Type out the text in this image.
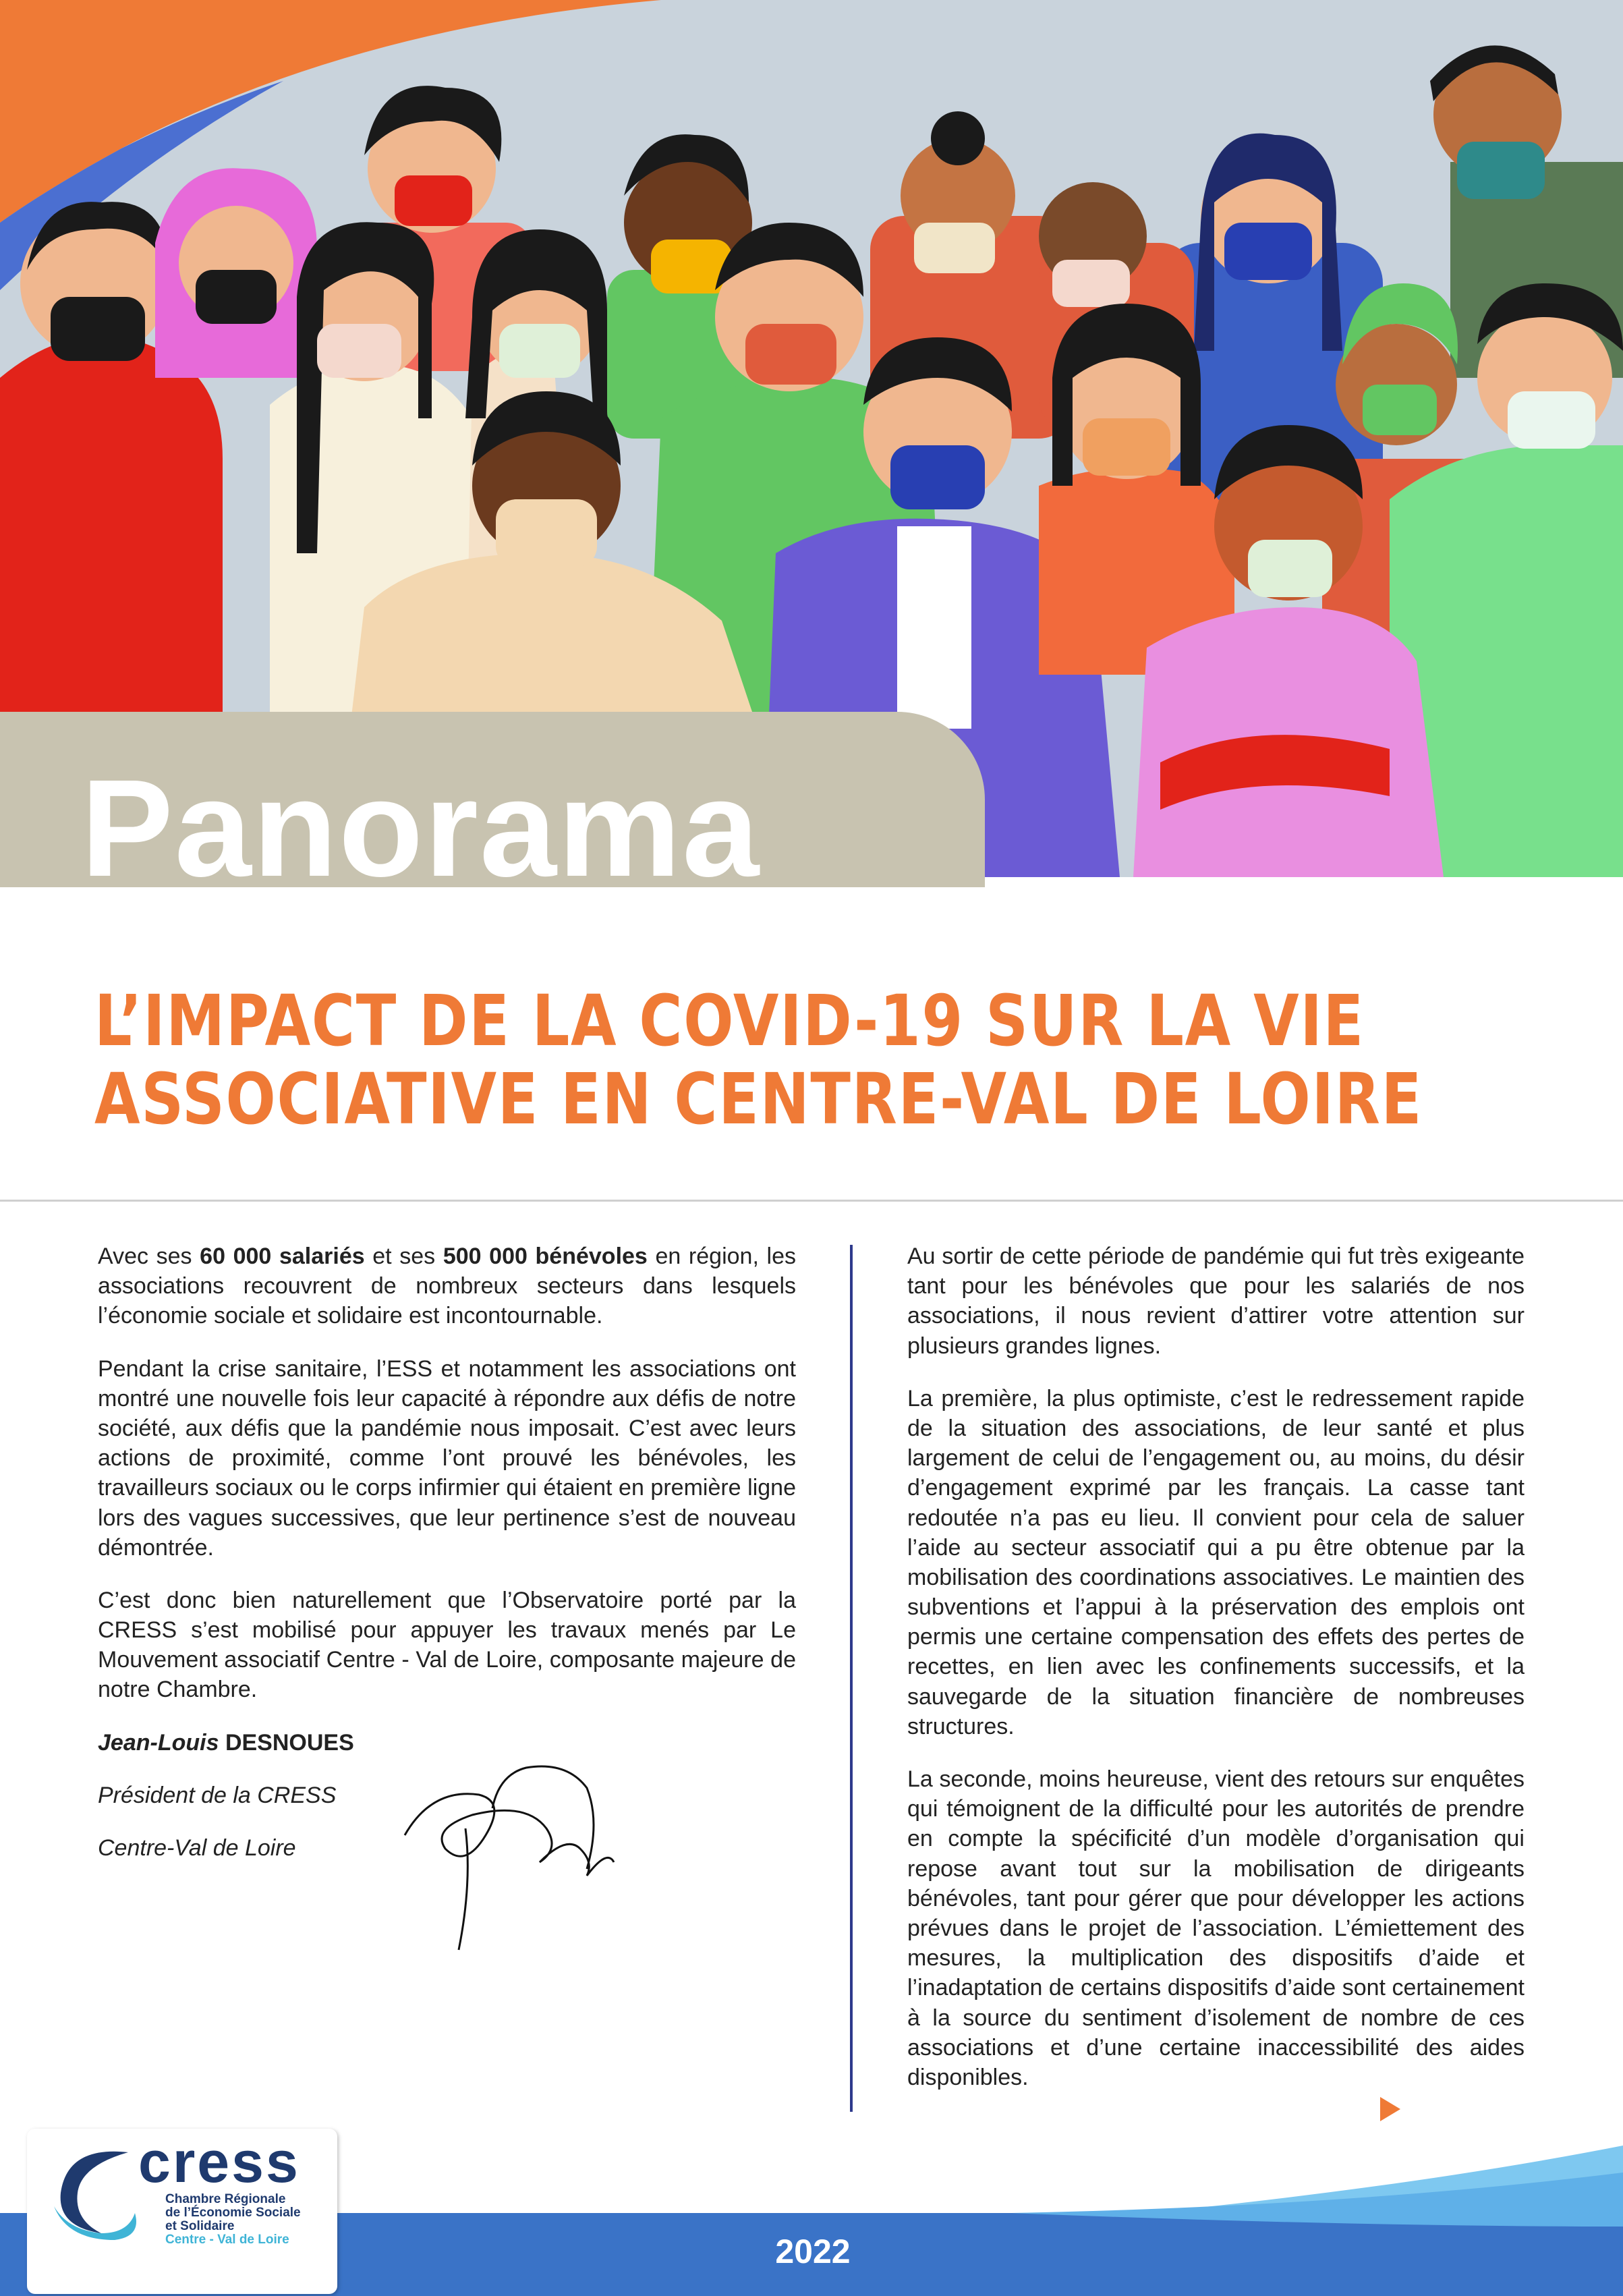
Panorama
L’IMPACT DE LA COVID-19 SUR LA VIE
ASSOCIATIVE EN CENTRE-VAL DE LOIRE

Avec ses 60 000 salariés et ses 500 000 bénévoles en région, les associations recouvrent de nombreux secteurs dans lesquels l’économie sociale et solidaire est incontournable.

Pendant la crise sanitaire, l’ESS et notamment les associations ont montré une nouvelle fois leur capacité à répondre aux défis de notre société, aux défis que la pandémie nous imposait. C’est avec leurs actions de proximité, comme l’ont prouvé les bénévoles, les travailleurs sociaux ou le corps infirmier qui étaient en première ligne lors des vagues successives, que leur pertinence s’est de nouveau démontrée.

C’est donc bien naturellement que l’Observatoire porté par la CRESS s’est mobilisé pour appuyer les travaux menés par Le Mouvement associatif Centre - Val de Loire, composante majeure de notre Chambre.

Jean-Louis DESNOUES

Président de la CRESS

Centre-Val de Loire

Au sortir de cette période de pandémie qui fut très exigeante tant pour les bénévoles que pour les salariés de nos associations, il nous revient d’attirer votre attention sur plusieurs grandes lignes.

La première, la plus optimiste, c’est le redressement rapide de la situation des associations, de leur santé et plus largement de celui de l’engagement ou, au moins, du désir d’engagement exprimé par les français. La casse tant redoutée n’a pas eu lieu. Il convient pour cela de saluer l’aide au secteur associatif qui a pu être obtenue par la mobilisation des coordinations associatives. Le maintien des subventions et l’appui à la préservation des emplois ont permis une certaine compensation des effets des pertes de recettes, en lien avec les confinements successifs, et la sauvegarde de la situation financière de nombreuses structures.

La seconde, moins heureuse, vient des retours sur enquêtes qui témoignent de la difficulté pour les autorités de prendre en compte la spécificité d’un modèle d’organisation qui repose avant tout sur la mobilisation de dirigeants bénévoles, tant pour gérer que pour développer les actions prévues dans le projet de l’association. L’émiettement des mesures, la multiplication des dispositifs d’aide et l’inadaptation de certains dispositifs d’aide sont certainement à la source du sentiment d’isolement de nombre de ces associations et d’une certaine inaccessibilité des aides disponibles.

2022
cress
Chambre Régionale
de l’Économie Sociale
et Solidaire
Centre - Val de Loire
